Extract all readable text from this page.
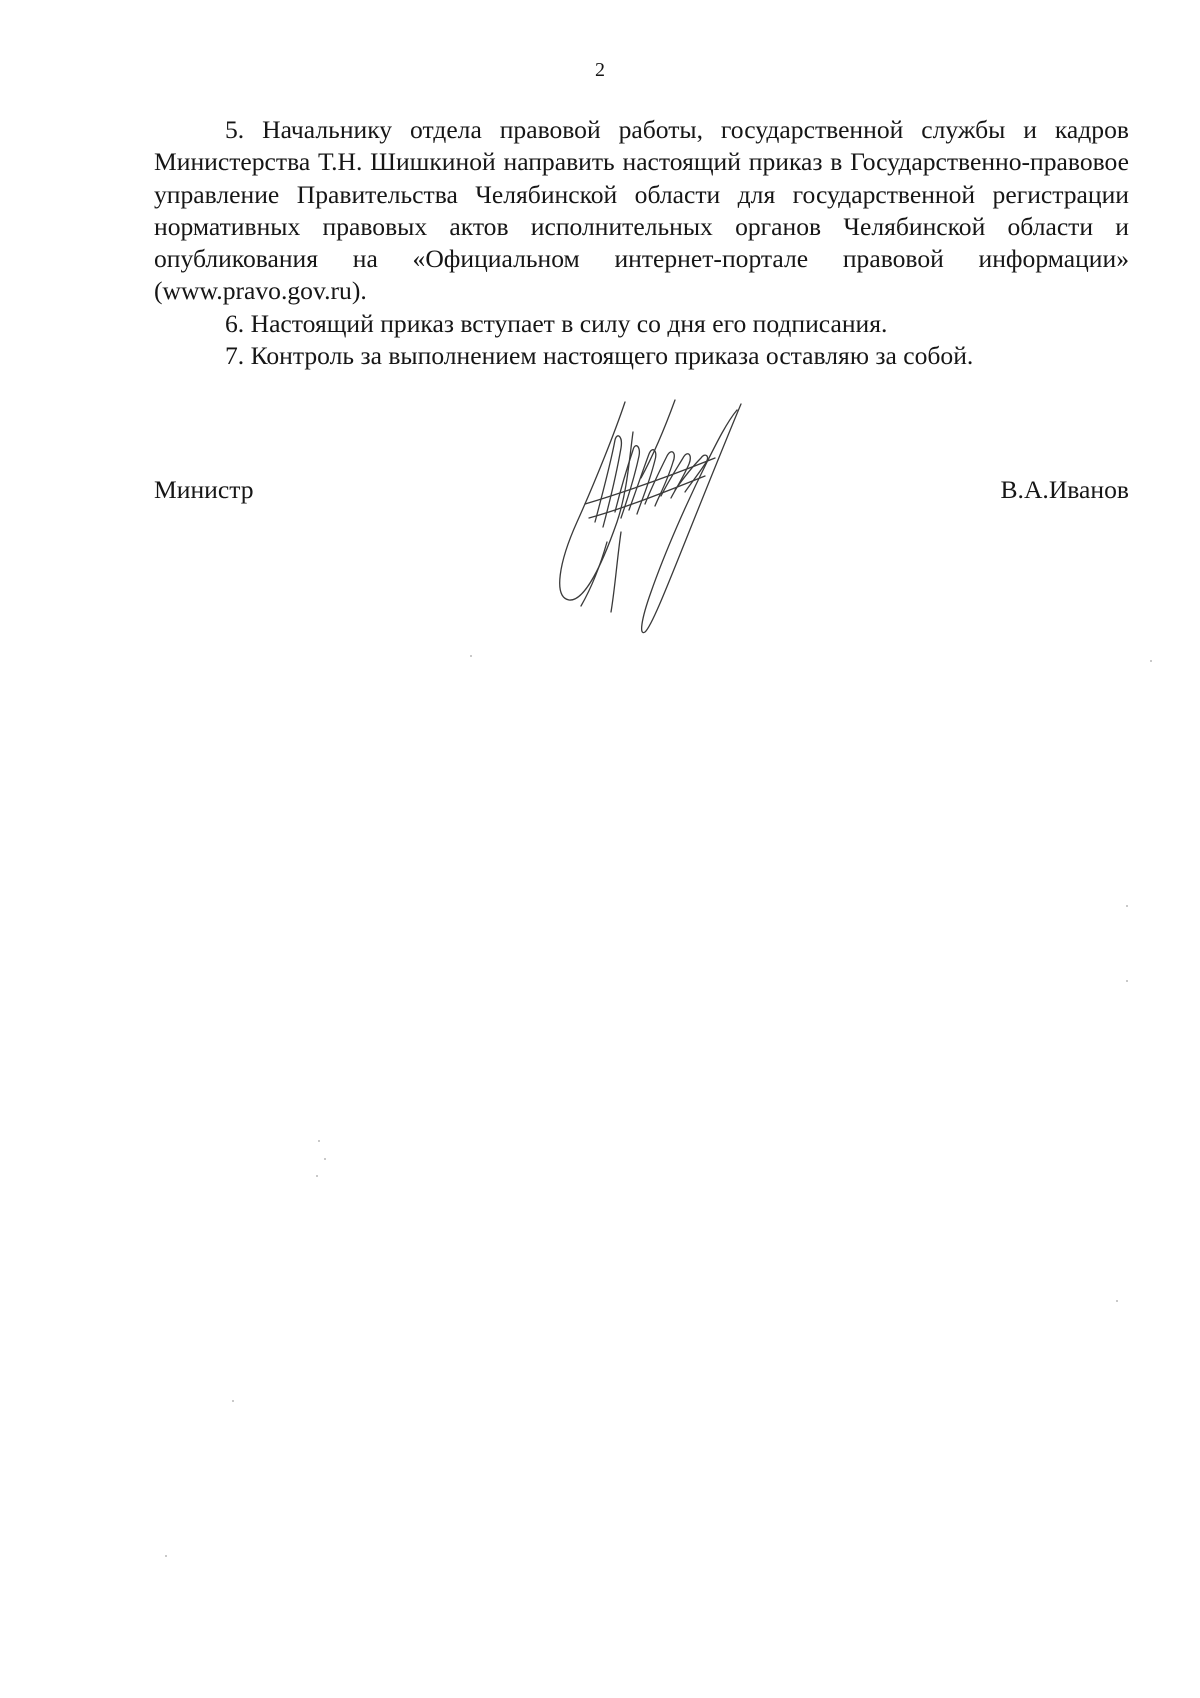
2

5. Начальнику отдела правовой работы, государственной службы и кадров Министерства Т.Н. Шишкиной направить настоящий приказ в Государственно-правовое управление Правительства Челябинской области для государственной регистрации нормативных правовых актов исполнительных органов Челябинской области и опубликования на «Официальном интернет-портале правовой информации» (www.pravo.gov.ru).

6. Настоящий приказ вступает в силу со дня его подписания.

7. Контроль за выполнением настоящего приказа оставляю за собой.

Министр	В.А.Иванов
